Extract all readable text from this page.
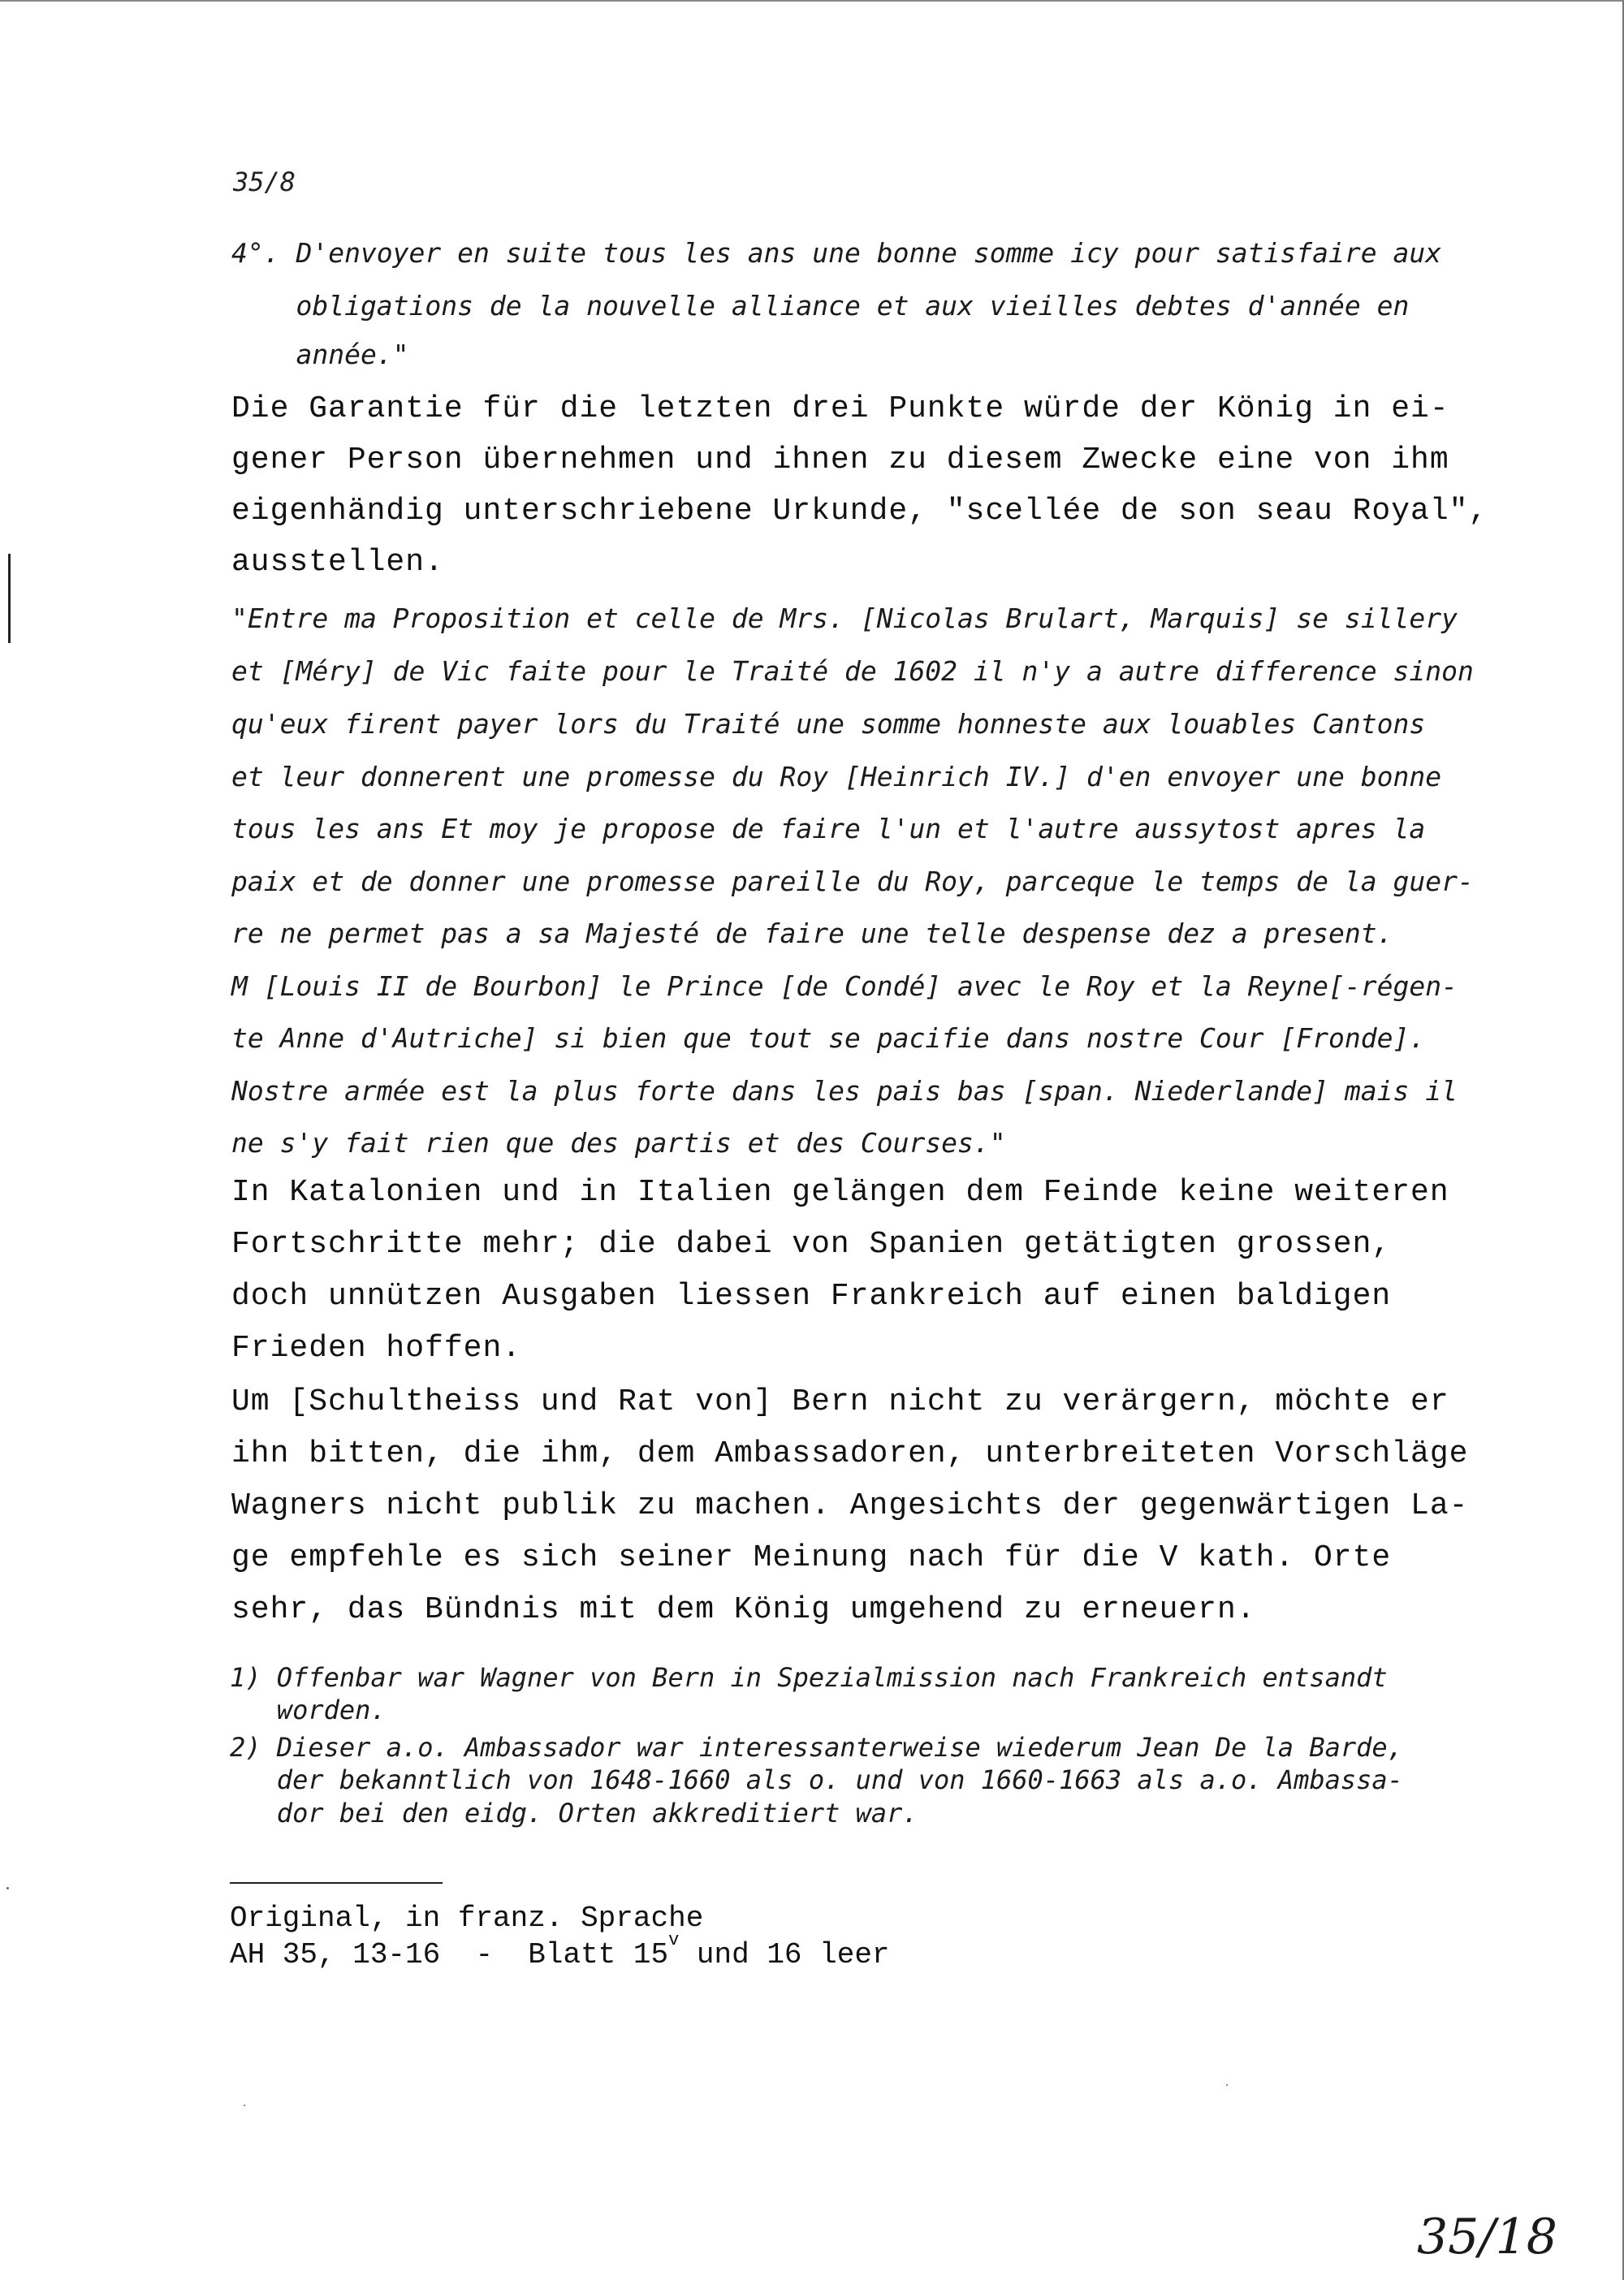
35/8
4°. D'envoyer en suite tous les ans une bonne somme icy pour satisfaire aux
obligations de la nouvelle alliance et aux vieilles debtes d'année en
année."
Die Garantie für die letzten drei Punkte würde der König in ei-
gener Person übernehmen und ihnen zu diesem Zwecke eine von ihm
eigenhändig unterschriebene Urkunde, "scellée de son seau Royal",
ausstellen.
"Entre ma Proposition et celle de Mrs. [Nicolas Brulart, Marquis] se sillery
et [Méry] de Vic faite pour le Traité de 1602 il n'y a autre difference sinon
qu'eux firent payer lors du Traité une somme honneste aux louables Cantons
et leur donnerent une promesse du Roy [Heinrich IV.] d'en envoyer une bonne
tous les ans Et moy je propose de faire l'un et l'autre aussytost apres la
paix et de donner une promesse pareille du Roy, parceque le temps de la guer-
re ne permet pas a sa Majesté de faire une telle despense dez a present.
M [Louis II de Bourbon] le Prince [de Condé] avec le Roy et la Reyne[-régen-
te Anne d'Autriche] si bien que tout se pacifie dans nostre Cour [Fronde].
Nostre armée est la plus forte dans les pais bas [span. Niederlande] mais il
ne s'y fait rien que des partis et des Courses."
In Katalonien und in Italien gelängen dem Feinde keine weiteren
Fortschritte mehr; die dabei von Spanien getätigten grossen,
doch unnützen Ausgaben liessen Frankreich auf einen baldigen
Frieden hoffen.
Um [Schultheiss und Rat von] Bern nicht zu verärgern, möchte er
ihn bitten, die ihm, dem Ambassadoren, unterbreiteten Vorschläge
Wagners nicht publik zu machen. Angesichts der gegenwärtigen La-
ge empfehle es sich seiner Meinung nach für die V kath. Orte
sehr, das Bündnis mit dem König umgehend zu erneuern.
1) Offenbar war Wagner von Bern in Spezialmission nach Frankreich entsandt
worden.
2) Dieser a.o. Ambassador war interessanterweise wiederum Jean De la Barde,
der bekanntlich von 1648-1660 als o. und von 1660-1663 als a.o. Ambassa-
dor bei den eidg. Orten akkreditiert war.
Original, in franz. Sprache
AH 35, 13-16  -  Blatt 15$^v$ und 16 leer
35/18
